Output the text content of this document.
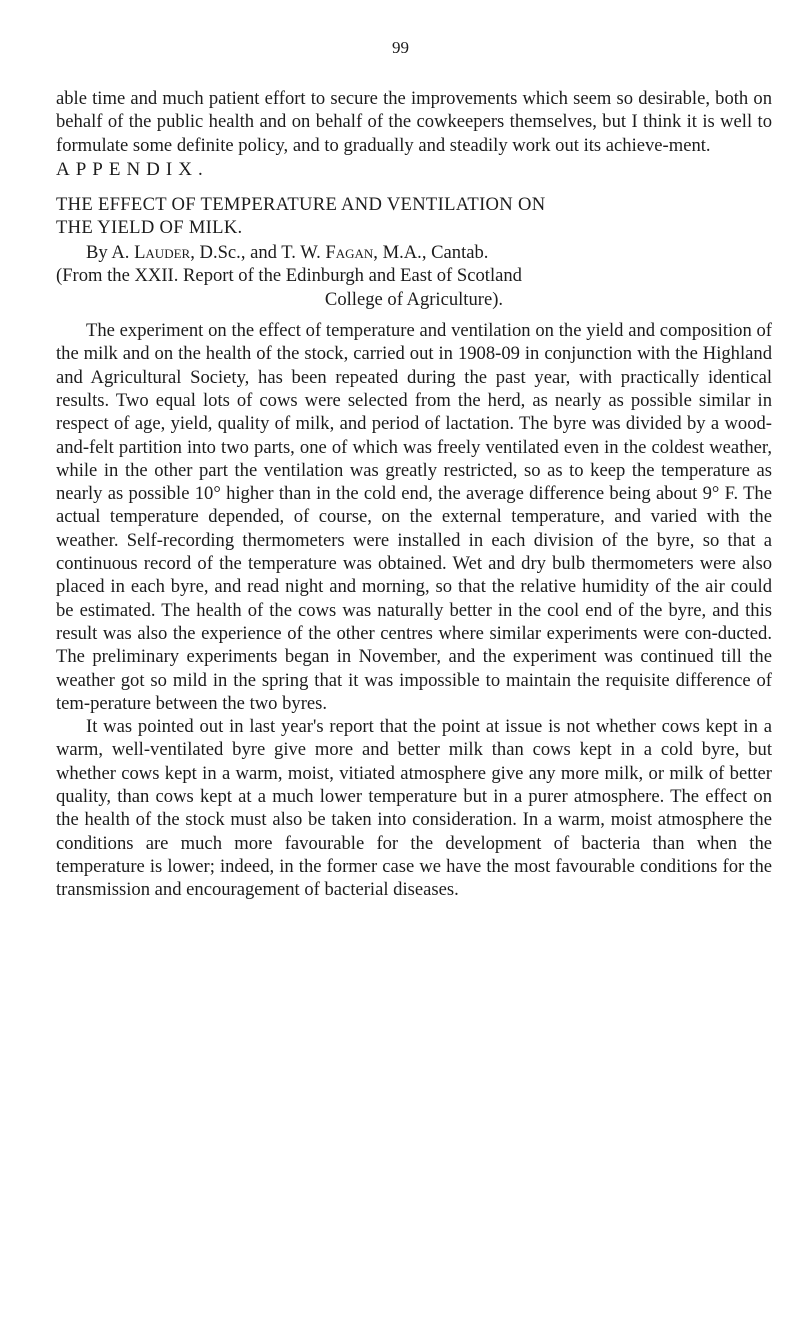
99

able time and much patient effort to secure the improvements which seem so desirable, both on behalf of the public health and on behalf of the cowkeepers themselves, but I think it is well to formulate some definite policy, and to gradually and steadily work out its achieve-ment.

APPENDIX.

THE EFFECT OF TEMPERATURE AND VENTILATION ON
THE YIELD OF MILK.

By A. Lauder, D.Sc., and T. W. Fagan, M.A., Cantab.

(From the XXII. Report of the Edinburgh and East of Scotland
College of Agriculture).

The experiment on the effect of temperature and ventilation on the yield and composition of the milk and on the health of the stock, carried out in 1908-09 in conjunction with the Highland and Agricultural Society, has been repeated during the past year, with practically identical results. Two equal lots of cows were selected from the herd, as nearly as possible similar in respect of age, yield, quality of milk, and period of lactation. The byre was divided by a wood-and-felt partition into two parts, one of which was freely ventilated even in the coldest weather, while in the other part the ventilation was greatly restricted, so as to keep the temperature as nearly as possible 10° higher than in the cold end, the average difference being about 9° F. The actual temperature depended, of course, on the external temperature, and varied with the weather. Self-recording thermometers were installed in each division of the byre, so that a continuous record of the temperature was obtained. Wet and dry bulb thermometers were also placed in each byre, and read night and morning, so that the relative humidity of the air could be estimated. The health of the cows was naturally better in the cool end of the byre, and this result was also the experience of the other centres where similar experiments were con-ducted. The preliminary experiments began in November, and the experiment was continued till the weather got so mild in the spring that it was impossible to maintain the requisite difference of tem-perature between the two byres.

It was pointed out in last year's report that the point at issue is not whether cows kept in a warm, well-ventilated byre give more and better milk than cows kept in a cold byre, but whether cows kept in a warm, moist, vitiated atmosphere give any more milk, or milk of better quality, than cows kept at a much lower temperature but in a purer atmosphere. The effect on the health of the stock must also be taken into consideration. In a warm, moist atmosphere the conditions are much more favourable for the development of bacteria than when the temperature is lower; indeed, in the former case we have the most favourable conditions for the transmission and encouragement of bacterial diseases.
